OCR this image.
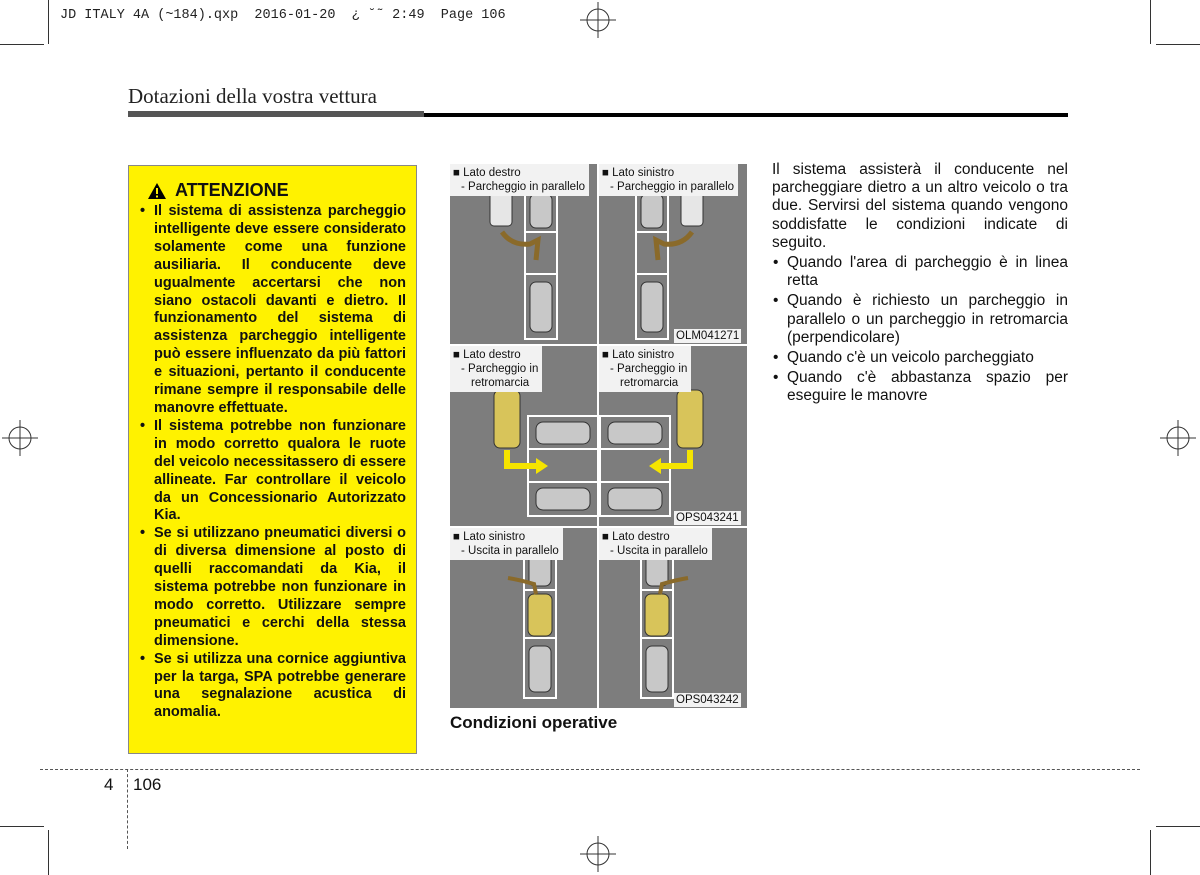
JD ITALY 4A (~184).qxp  2016-01-20  ¿ ˘˜ 2:49  Page 106
Dotazioni della vostra vettura
ATTENZIONE
• Il sistema di assistenza parcheggio intelligente deve essere considerato solamente come una funzione ausiliaria. Il conducente deve ugualmente accertarsi che non siano ostacoli davanti e dietro. Il funzionamento del sistema di assistenza parcheggio intelligente può essere influenzato da più fattori e situazioni, pertanto il conducente rimane sempre il responsabile delle manovre effettuate.
• Il sistema potrebbe non funzionare in modo corretto qualora le ruote del veicolo necessitassero di essere allineate. Far controllare il veicolo da un Concessionario Autorizzato Kia.
• Se si utilizzano pneumatici diversi o di diversa dimensione al posto di quelli raccomandati da Kia, il sistema potrebbe non funzionare in modo corretto. Utilizzare sempre pneumatici e cerchi della stessa dimensione.
• Se si utilizza una cornice aggiuntiva per la targa, SPA potrebbe generare una segnalazione acustica di anomalia.
■ Lato destro
- Parcheggio in parallelo
■ Lato sinistro
- Parcheggio in parallelo
OLM041271
■ Lato destro
- Parcheggio in
retromarcia
■ Lato sinistro
- Parcheggio in
retromarcia
OPS043241
■ Lato sinistro
- Uscita in parallelo
■ Lato destro
- Uscita in parallelo
OPS043242
Condizioni operative

Il sistema assisterà il conducente nel parcheggiare dietro a un altro veicolo o tra due. Servirsi del sistema quando vengono soddisfatte le condizioni indicate di seguito.

• Quando l'area di parcheggio è in linea retta
• Quando è richiesto un parcheggio in parallelo o un parcheggio in retromarcia (perpendicolare)
• Quando c'è un veicolo parcheggiato
• Quando c'è abbastanza spazio per eseguire le manovre
4 106
